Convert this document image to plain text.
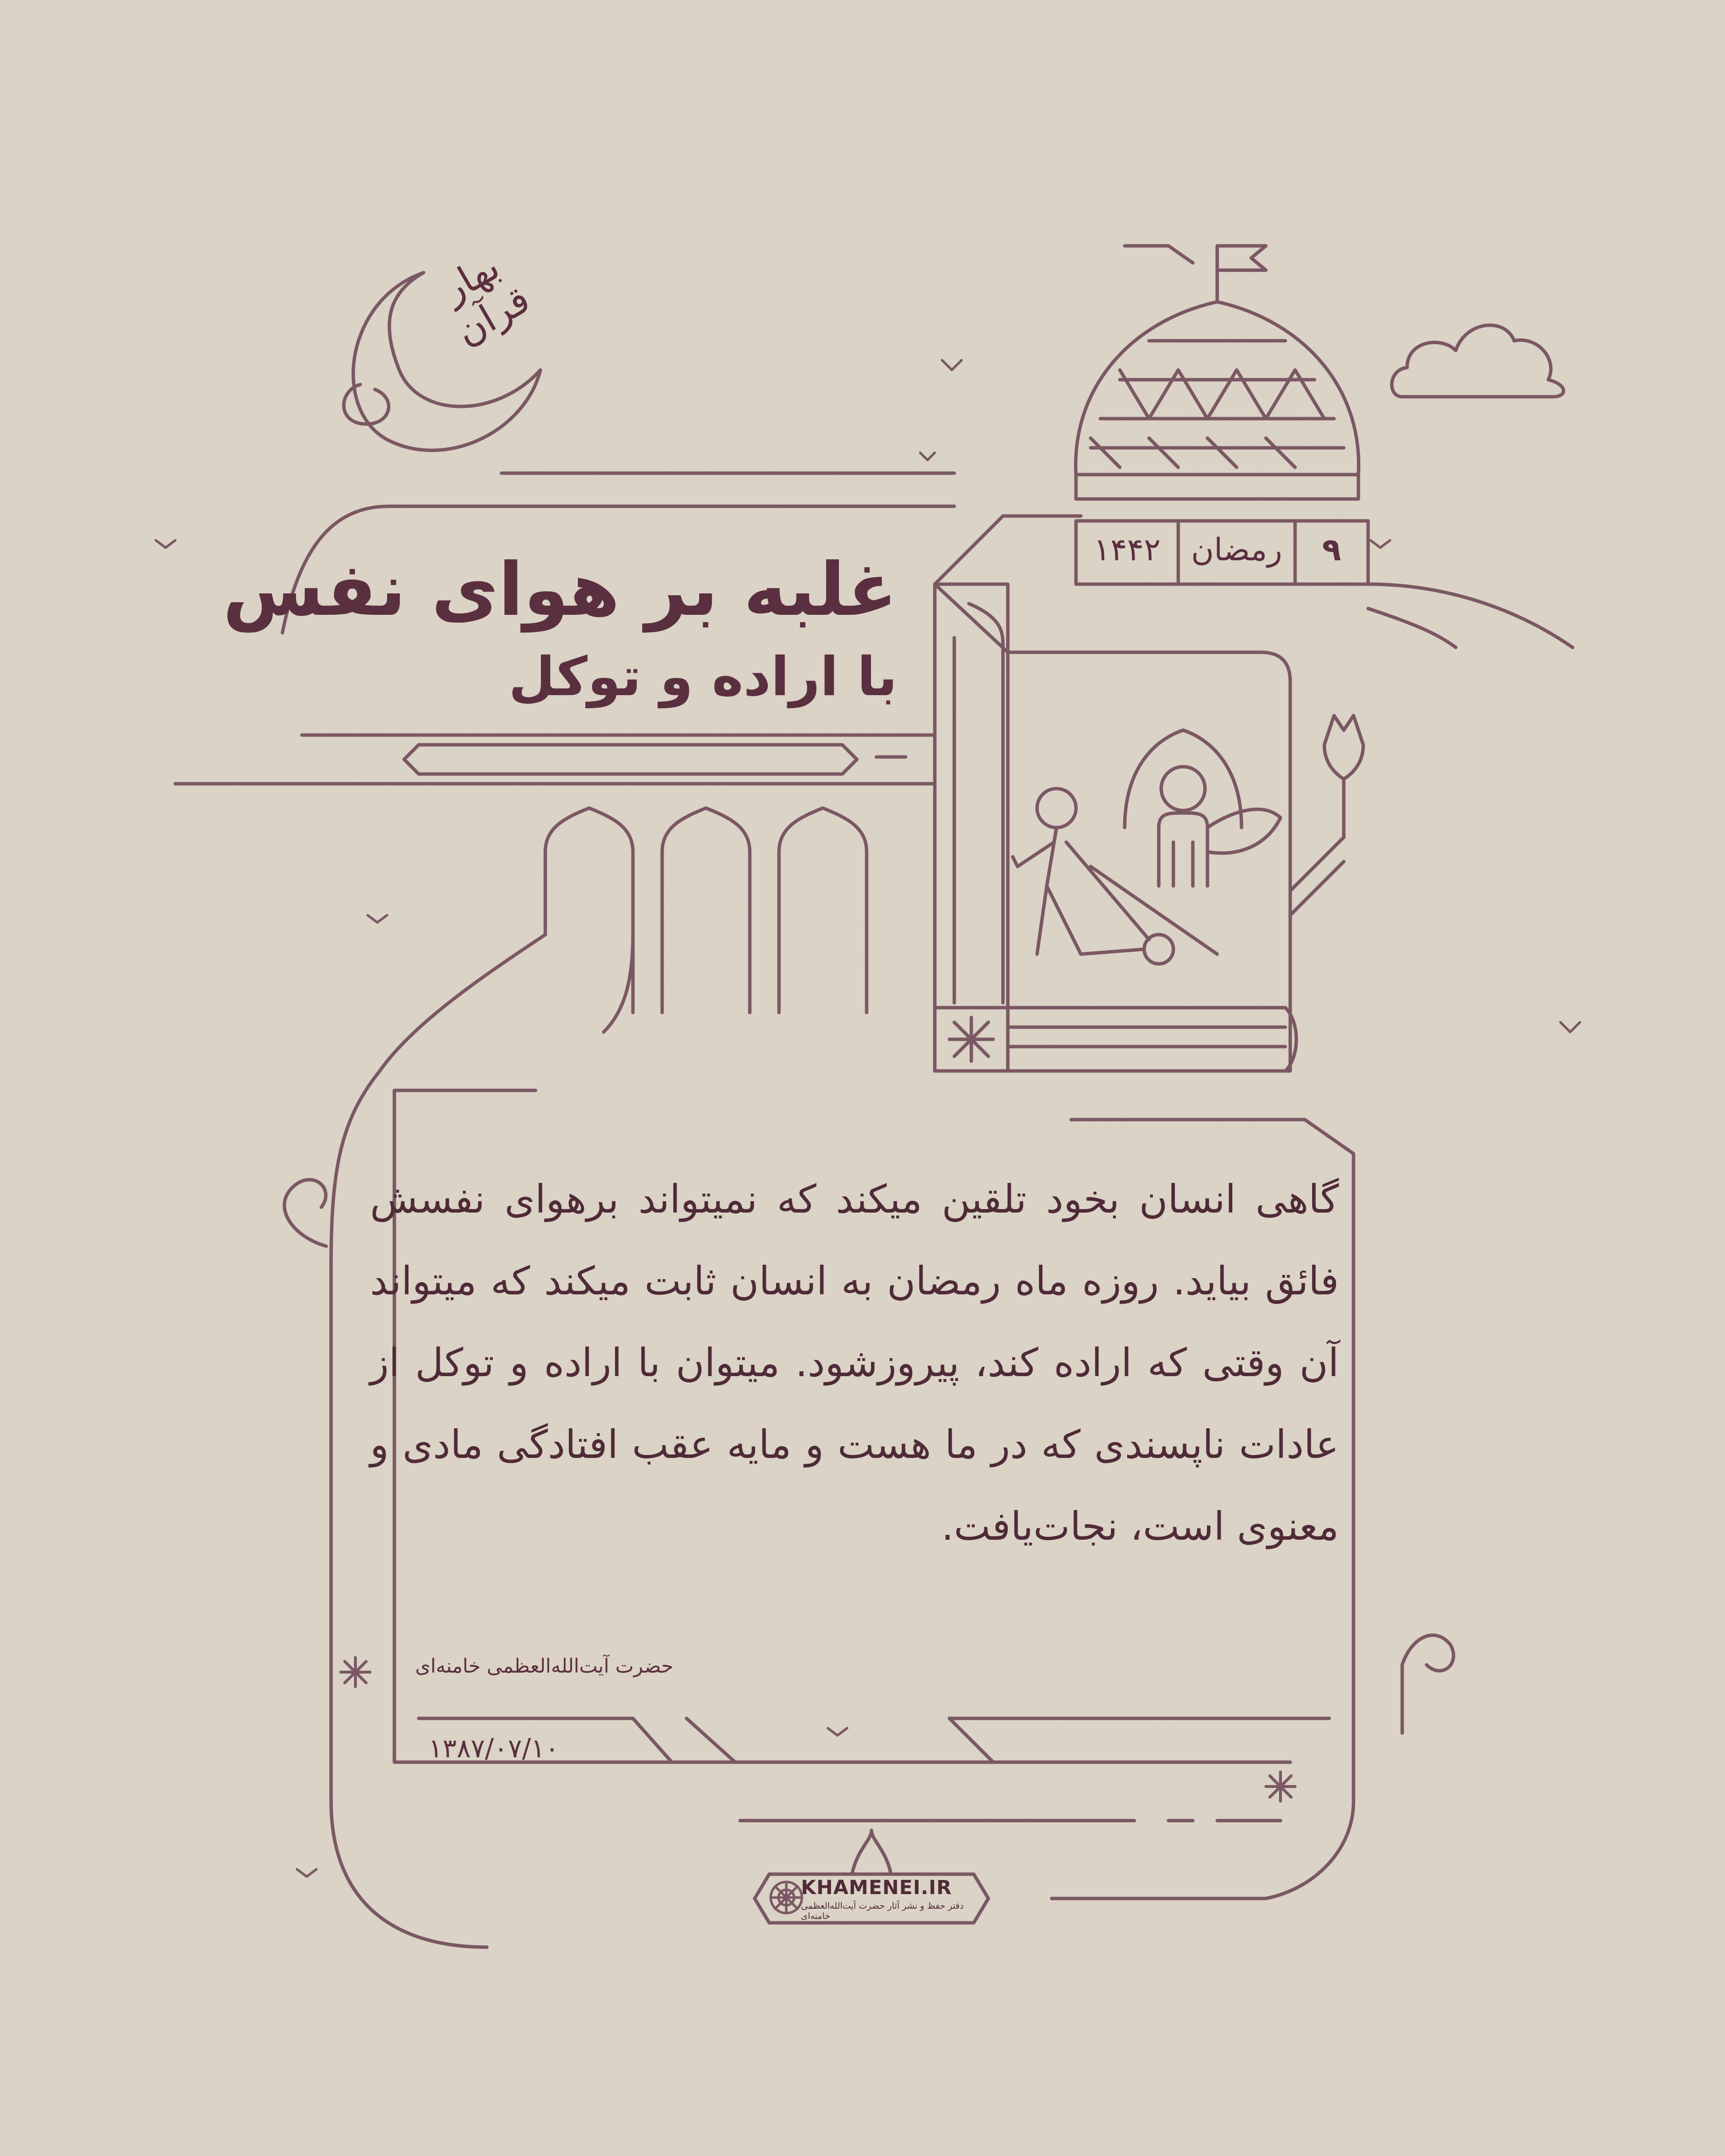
بهار قرآن
غلبه بر هوای نفس
با اراده و توکل
۹
رمضان
۱۴۴۲
گاهی انسان بخود تلقین میکند که نمیتواند برهوای نفسش فائق بیاید. روزه ماه رمضان به انسان ثابت میکند که میتواند آن وقتی که اراده کند، پیروزشود. میتوان با اراده و توکل از عادات ناپسندی که در ما هست و مایه عقب افتادگی مادی و معنوی است، نجات‌یافت.
حضرت آیت‌الله‌العظمی خامنه‌ای
۱۳۸۷/۰۷/۱۰
KHAMENEI.IR
دفتر حفظ و نشر آثار حضرت آیت‌الله‌العظمی خامنه‌ای
